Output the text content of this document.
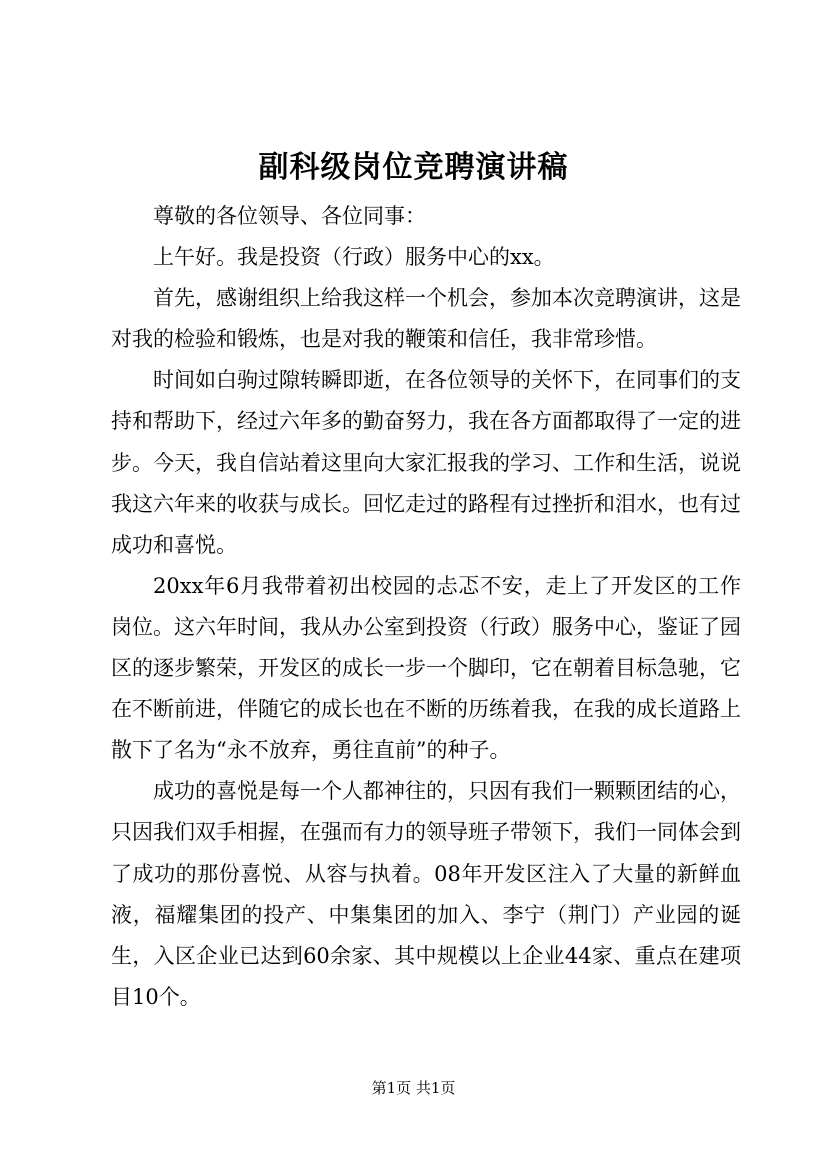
副科级岗位竞聘演讲稿

尊敬的各位领导、各位同事：

上午好。我是投资（行政）服务中心的xx。

首先，感谢组织上给我这样一个机会，参加本次竞聘演讲，这是对我的检验和锻炼，也是对我的鞭策和信任，我非常珍惜。

时间如白驹过隙转瞬即逝，在各位领导的关怀下，在同事们的支持和帮助下，经过六年多的勤奋努力，我在各方面都取得了一定的进步。今天，我自信站着这里向大家汇报我的学习、工作和生活，说说我这六年来的收获与成长。回忆走过的路程有过挫折和泪水，也有过成功和喜悦。

20xx年6月我带着初出校园的忐忑不安，走上了开发区的工作岗位。这六年时间，我从办公室到投资（行政）服务中心，鉴证了园区的逐步繁荣，开发区的成长一步一个脚印，它在朝着目标急驰，它在不断前进，伴随它的成长也在不断的历练着我，在我的成长道路上散下了名为“永不放弃，勇往直前”的种子。

成功的喜悦是每一个人都神往的，只因有我们一颗颗团结的心，只因我们双手相握，在强而有力的领导班子带领下，我们一同体会到了成功的那份喜悦、从容与执着。08年开发区注入了大量的新鲜血液，福耀集团的投产、中集集团的加入、李宁（荆门）产业园的诞生，入区企业已达到60余家、其中规模以上企业44家、重点在建项目10个。

第1页 共1页
